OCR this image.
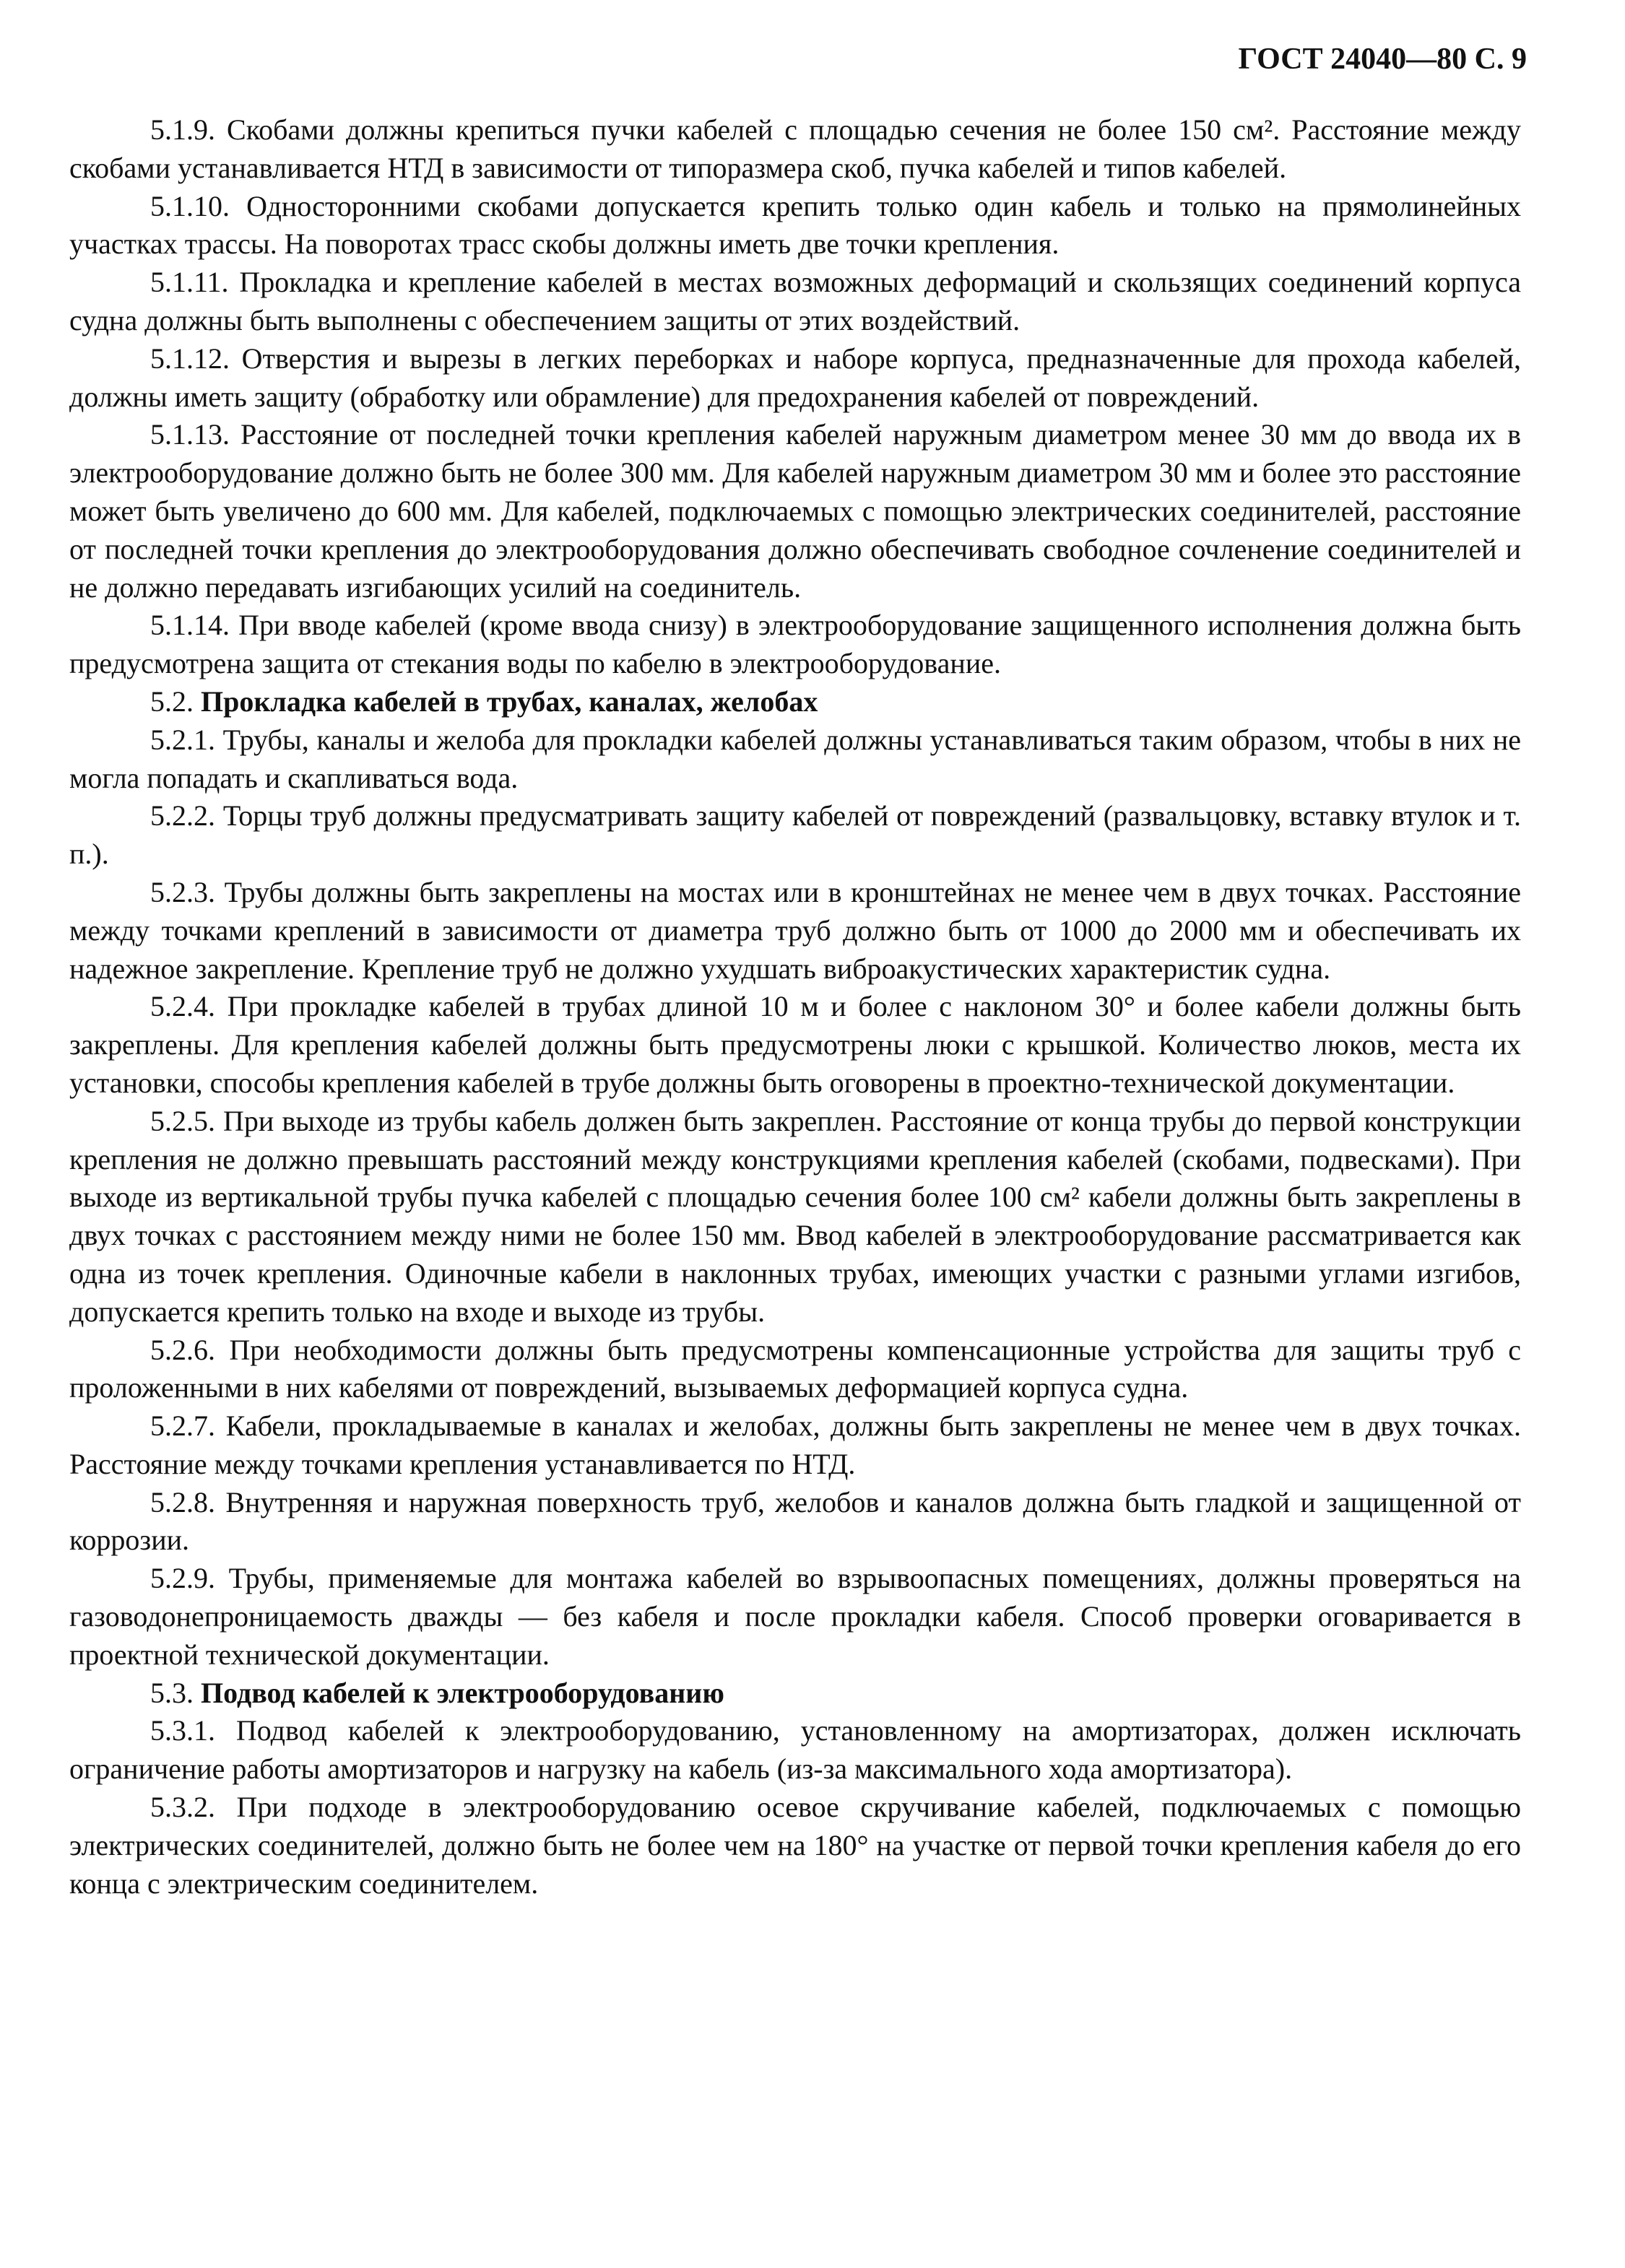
ГОСТ 24040—80 С. 9

5.1.9. Скобами должны крепиться пучки кабелей с площадью сечения не более 150 см². Расстояние между скобами устанавливается НТД в зависимости от типоразмера скоб, пучка кабелей и типов кабелей.

5.1.10. Односторонними скобами допускается крепить только один кабель и только на прямолинейных участках трассы. На поворотах трасс скобы должны иметь две точки крепления.

5.1.11. Прокладка и крепление кабелей в местах возможных деформаций и скользящих соединений корпуса судна должны быть выполнены с обеспечением защиты от этих воздействий.

5.1.12. Отверстия и вырезы в легких переборках и наборе корпуса, предназначенные для прохода кабелей, должны иметь защиту (обработку или обрамление) для предохранения кабелей от повреждений.

5.1.13. Расстояние от последней точки крепления кабелей наружным диаметром менее 30 мм до ввода их в электрооборудование должно быть не более 300 мм. Для кабелей наружным диаметром 30 мм и более это расстояние может быть увеличено до 600 мм. Для кабелей, подключаемых с помощью электрических соединителей, расстояние от последней точки крепления до электрооборудования должно обеспечивать свободное сочленение соединителей и не должно передавать изгибающих усилий на соединитель.

5.1.14. При вводе кабелей (кроме ввода снизу) в электрооборудование защищенного исполнения должна быть предусмотрена защита от стекания воды по кабелю в электрооборудование.

5.2. Прокладка кабелей в трубах, каналах, желобах

5.2.1. Трубы, каналы и желоба для прокладки кабелей должны устанавливаться таким образом, чтобы в них не могла попадать и скапливаться вода.

5.2.2. Торцы труб должны предусматривать защиту кабелей от повреждений (развальцовку, вставку втулок и т. п.).

5.2.3. Трубы должны быть закреплены на мостах или в кронштейнах не менее чем в двух точках. Расстояние между точками креплений в зависимости от диаметра труб должно быть от 1000 до 2000 мм и обеспечивать их надежное закрепление. Крепление труб не должно ухудшать виброакустических характеристик судна.

5.2.4. При прокладке кабелей в трубах длиной 10 м и более с наклоном 30° и более кабели должны быть закреплены. Для крепления кабелей должны быть предусмотрены люки с крышкой. Количество люков, места их установки, способы крепления кабелей в трубе должны быть оговорены в проектно-технической документации.

5.2.5. При выходе из трубы кабель должен быть закреплен. Расстояние от конца трубы до первой конструкции крепления не должно превышать расстояний между конструкциями крепления кабелей (скобами, подвесками). При выходе из вертикальной трубы пучка кабелей с площадью сечения более 100 см² кабели должны быть закреплены в двух точках с расстоянием между ними не более 150 мм. Ввод кабелей в электрооборудование рассматривается как одна из точек крепления. Одиночные кабели в наклонных трубах, имеющих участки с разными углами изгибов, допускается крепить только на входе и выходе из трубы.

5.2.6. При необходимости должны быть предусмотрены компенсационные устройства для защиты труб с проложенными в них кабелями от повреждений, вызываемых деформацией корпуса судна.

5.2.7. Кабели, прокладываемые в каналах и желобах, должны быть закреплены не менее чем в двух точках. Расстояние между точками крепления устанавливается по НТД.

5.2.8. Внутренняя и наружная поверхность труб, желобов и каналов должна быть гладкой и защищенной от коррозии.

5.2.9. Трубы, применяемые для монтажа кабелей во взрывоопасных помещениях, должны проверяться на газоводонепроницаемость дважды — без кабеля и после прокладки кабеля. Способ проверки оговаривается в проектной технической документации.

5.3. Подвод кабелей к электрооборудованию

5.3.1. Подвод кабелей к электрооборудованию, установленному на амортизаторах, должен исключать ограничение работы амортизаторов и нагрузку на кабель (из-за максимального хода амортизатора).

5.3.2. При подходе в электрооборудованию осевое скручивание кабелей, подключаемых с помощью электрических соединителей, должно быть не более чем на 180° на участке от первой точки крепления кабеля до его конца с электрическим соединителем.
